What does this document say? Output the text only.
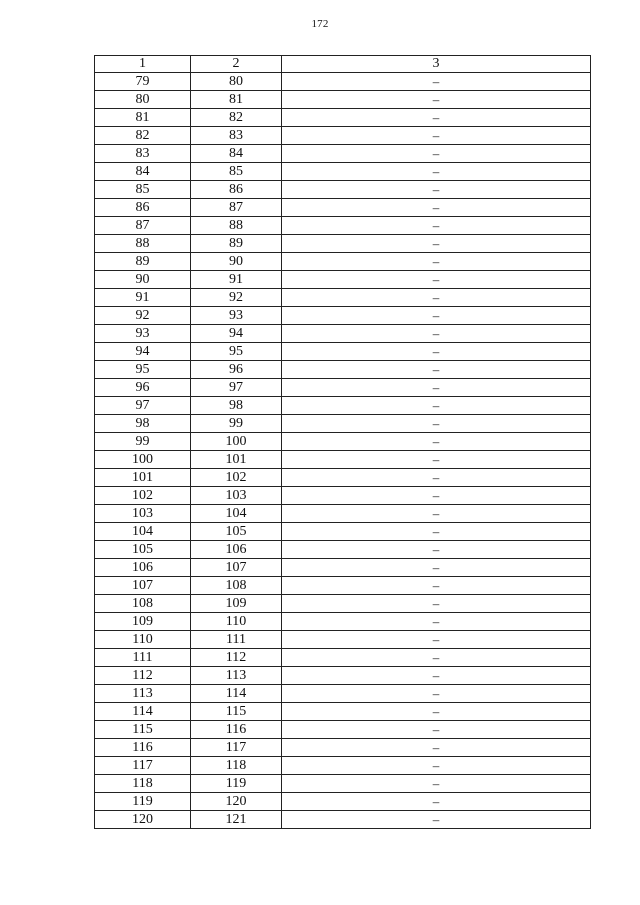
172
1	2	3
79	80	–
80	81	–
81	82	–
82	83	–
83	84	–
84	85	–
85	86	–
86	87	–
87	88	–
88	89	–
89	90	–
90	91	–
91	92	–
92	93	–
93	94	–
94	95	–
95	96	–
96	97	–
97	98	–
98	99	–
99	100	–
100	101	–
101	102	–
102	103	–
103	104	–
104	105	–
105	106	–
106	107	–
107	108	–
108	109	–
109	110	–
110	111	–
111	112	–
112	113	–
113	114	–
114	115	–
115	116	–
116	117	–
117	118	–
118	119	–
119	120	–
120	121	–
